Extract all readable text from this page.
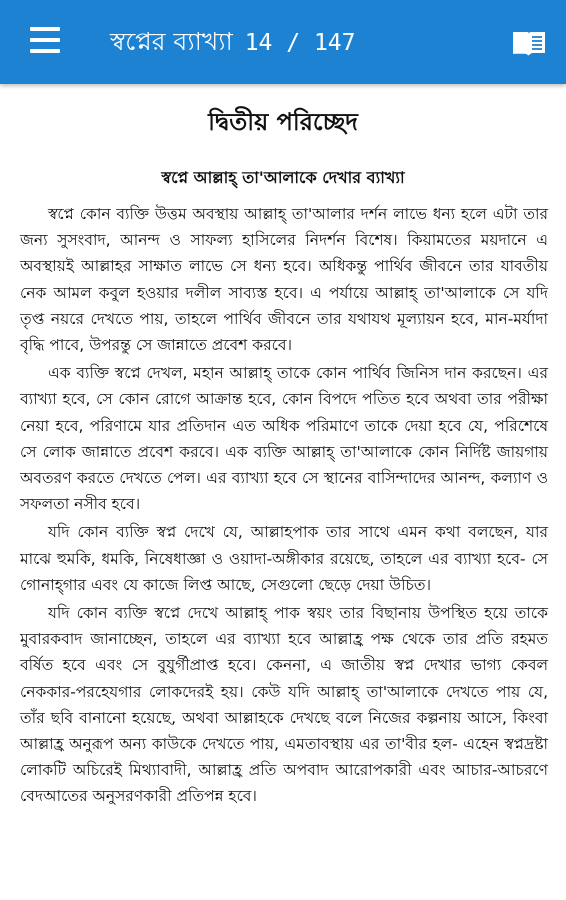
স্বপ্নের ব্যাখ্যা 14 / 147
দ্বিতীয় পরিচ্ছেদ
স্বপ্নে আল্লাহ্ তা'আলাকে দেখার ব্যাখ্যা

স্বপ্নে কোন ব্যক্তি উত্তম অবস্থায় আল্লাহ্ তা'আলার দর্শন লাভে ধন্য হলে এটা তার জন্য সুসংবাদ, আনন্দ ও সাফল্য হাসিলের নিদর্শন বিশেষ। কিয়ামতের ময়দানে এ অবস্থায়ই আল্লাহর সাক্ষাত লাভে সে ধন্য হবে। অধিকন্তু পার্থিব জীবনে তার যাবতীয় নেক আমল কবুল হওয়ার দলীল সাব্যস্ত হবে। এ পর্যায়ে আল্লাহ্ তা'আলাকে সে যদি তৃপ্ত নয়রে দেখতে পায়, তাহলে পার্থিব জীবনে তার যথাযথ মূল্যায়ন হবে, মান-মর্যাদা বৃদ্ধি পাবে, উপরন্তু সে জান্নাতে প্রবেশ করবে।

এক ব্যক্তি স্বপ্নে দেখল, মহান আল্লাহ্ তাকে কোন পার্থিব জিনিস দান করছেন। এর ব্যাখ্যা হবে, সে কোন রোগে আক্রান্ত হবে, কোন বিপদে পতিত হবে অথবা তার পরীক্ষা নেয়া হবে, পরিণামে যার প্রতিদান এত অধিক পরিমাণে তাকে দেয়া হবে যে, পরিশেষে সে লোক জান্নাতে প্রবেশ করবে। এক ব্যক্তি আল্লাহ্ তা'আলাকে কোন নির্দিষ্ট জায়গায় অবতরণ করতে দেখতে পেল। এর ব্যাখ্যা হবে সে স্থানের বাসিন্দাদের আনন্দ, কল্যাণ ও সফলতা নসীব হবে।

যদি কোন ব্যক্তি স্বপ্ন দেখে যে, আল্লাহপাক তার সাথে এমন কথা বলছেন, যার মাঝে হুমকি, ধমকি, নিষেধাজ্ঞা ও ওয়াদা-অঙ্গীকার রয়েছে, তাহলে এর ব্যাখ্যা হবে- সে গোনাহ্গার এবং যে কাজে লিপ্ত আছে, সেগুলো ছেড়ে দেয়া উচিত।

যদি কোন ব্যক্তি স্বপ্নে দেখে আল্লাহ্ পাক স্বয়ং তার বিছানায় উপস্থিত হয়ে তাকে মুবারকবাদ জানাচ্ছেন, তাহলে এর ব্যাখ্যা হবে আল্লাহ্র পক্ষ থেকে তার প্রতি রহমত বর্ষিত হবে এবং সে বুযুর্গীপ্রাপ্ত হবে। কেননা, এ জাতীয় স্বপ্ন দেখার ভাগ্য কেবল নেককার-পরহেযগার লোকদেরই হয়। কেউ যদি আল্লাহ্ তা'আলাকে দেখতে পায় যে, তাঁর ছবি বানানো হয়েছে, অথবা আল্লাহকে দেখছে বলে নিজের কল্পনায় আসে, কিংবা আল্লাহ্র অনুরূপ অন্য কাউকে দেখতে পায়, এমতাবস্থায় এর তা'বীর হল- এহেন স্বপ্নদ্রষ্টা লোকটি অচিরেই মিথ্যাবাদী, আল্লাহ্র প্রতি অপবাদ আরোপকারী এবং আচার-আচরণে বেদআতের অনুসরণকারী প্রতিপন্ন হবে।
